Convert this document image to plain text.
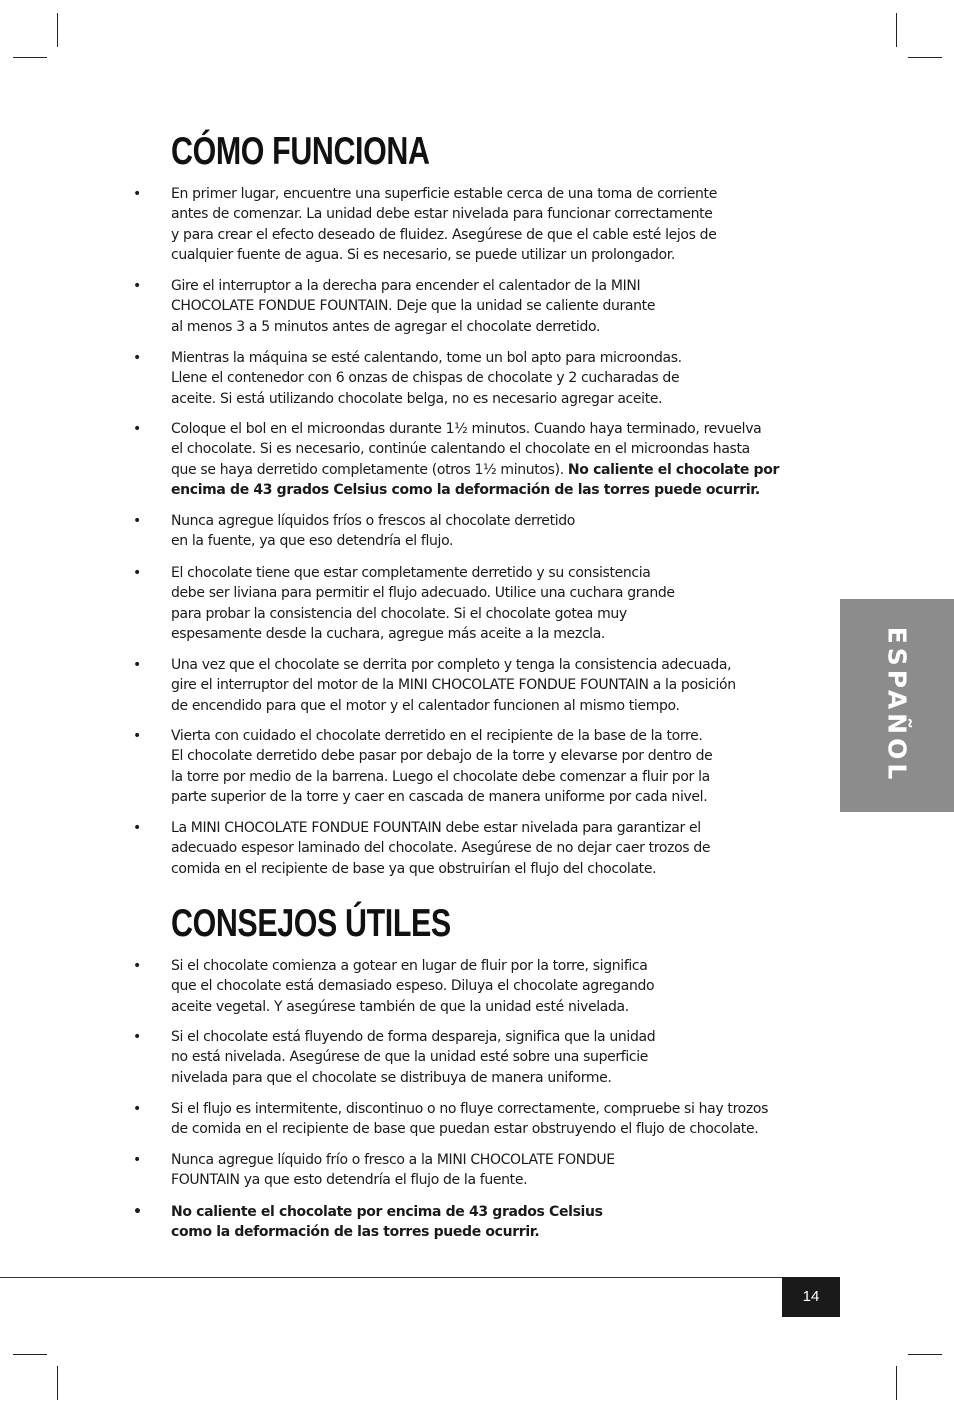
CÓMO FUNCIONA
• En primer lugar, encuentre una superficie estable cerca de una toma de corriente
antes de comenzar. La unidad debe estar nivelada para funcionar correctamente
y para crear el efecto deseado de fluidez. Asegúrese de que el cable esté lejos de
cualquier fuente de agua. Si es necesario, se puede utilizar un prolongador.

• Gire el interruptor a la derecha para encender el calentador de la MINI
CHOCOLATE FONDUE FOUNTAIN. Deje que la unidad se caliente durante
al menos 3 a 5 minutos antes de agregar el chocolate derretido.

• Mientras la máquina se esté calentando, tome un bol apto para microondas.
Llene el contenedor con 6 onzas de chispas de chocolate y 2 cucharadas de
aceite. Si está utilizando chocolate belga, no es necesario agregar aceite.

• Coloque el bol en el microondas durante 1½ minutos. Cuando haya terminado, revuelva
el chocolate. Si es necesario, continúe calentando el chocolate en el microondas hasta
que se haya derretido completamente (otros 1½ minutos). No caliente el chocolate por
encima de 43 grados Celsius como la deformación de las torres puede ocurrir.

• Nunca agregue líquidos fríos o frescos al chocolate derretido
en la fuente, ya que eso detendría el flujo.

• El chocolate tiene que estar completamente derretido y su consistencia
debe ser liviana para permitir el flujo adecuado. Utilice una cuchara grande
para probar la consistencia del chocolate. Si el chocolate gotea muy
espesamente desde la cuchara, agregue más aceite a la mezcla.

• Una vez que el chocolate se derrita por completo y tenga la consistencia adecuada,
gire el interruptor del motor de la MINI CHOCOLATE FONDUE FOUNTAIN a la posición
de encendido para que el motor y el calentador funcionen al mismo tiempo.

• Vierta con cuidado el chocolate derretido en el recipiente de la base de la torre.
El chocolate derretido debe pasar por debajo de la torre y elevarse por dentro de
la torre por medio de la barrena. Luego el chocolate debe comenzar a fluir por la
parte superior de la torre y caer en cascada de manera uniforme por cada nivel.

• La MINI CHOCOLATE FONDUE FOUNTAIN debe estar nivelada para garantizar el
adecuado espesor laminado del chocolate. Asegúrese de no dejar caer trozos de
comida en el recipiente de base ya que obstruirían el flujo del chocolate.

CONSEJOS ÚTILES
• Si el chocolate comienza a gotear en lugar de fluir por la torre, significa
que el chocolate está demasiado espeso. Diluya el chocolate agregando
aceite vegetal. Y asegúrese también de que la unidad esté nivelada.

• Si el chocolate está fluyendo de forma despareja, significa que la unidad
no está nivelada. Asegúrese de que la unidad esté sobre una superficie
nivelada para que el chocolate se distribuya de manera uniforme.

• Si el flujo es intermitente, discontinuo o no fluye correctamente, compruebe si hay trozos
de comida en el recipiente de base que puedan estar obstruyendo el flujo de chocolate.

• Nunca agregue líquido frío o fresco a la MINI CHOCOLATE FONDUE
FOUNTAIN ya que esto detendría el flujo de la fuente.

• No caliente el chocolate por encima de 43 grados Celsius
como la deformación de las torres puede ocurrir.

ESPAÑOL
14
